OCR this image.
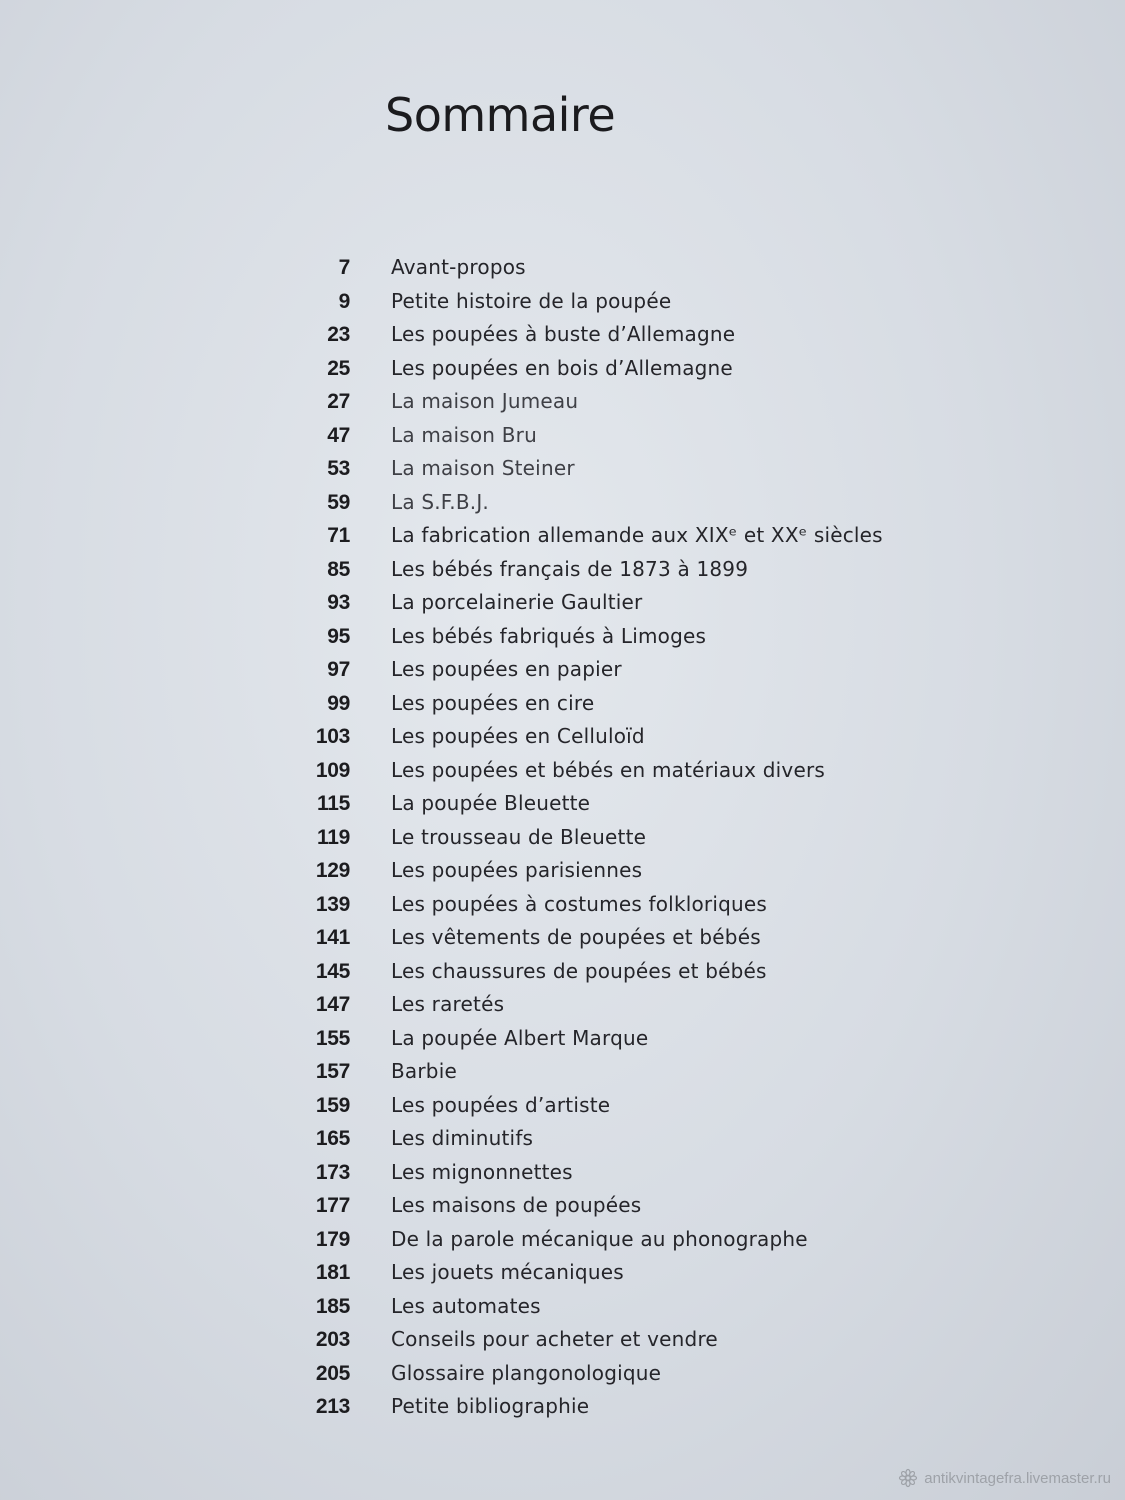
Sommaire
7 Avant-propos
9 Petite histoire de la poupée
23 Les poupées à buste d’Allemagne
25 Les poupées en bois d’Allemagne
27 La maison Jumeau
47 La maison Bru
53 La maison Steiner
59 La S.F.B.J.
71 La fabrication allemande aux XIXᵉ et XXᵉ siècles
85 Les bébés français de 1873 à 1899
93 La porcelainerie Gaultier
95 Les bébés fabriqués à Limoges
97 Les poupées en papier
99 Les poupées en cire
103 Les poupées en Celluloïd
109 Les poupées et bébés en matériaux divers
115 La poupée Bleuette
119 Le trousseau de Bleuette
129 Les poupées parisiennes
139 Les poupées à costumes folkloriques
141 Les vêtements de poupées et bébés
145 Les chaussures de poupées et bébés
147 Les raretés
155 La poupée Albert Marque
157 Barbie
159 Les poupées d’artiste
165 Les diminutifs
173 Les mignonnettes
177 Les maisons de poupées
179 De la parole mécanique au phonographe
181 Les jouets mécaniques
185 Les automates
203 Conseils pour acheter et vendre
205 Glossaire plangonologique
213 Petite bibliographie
antikvintagefra.livemaster.ru
